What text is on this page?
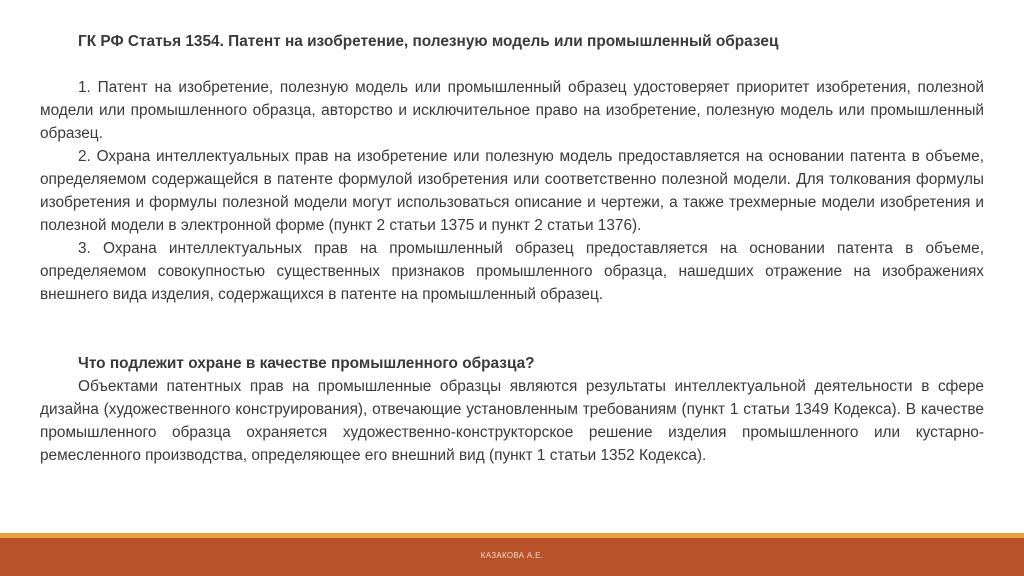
ГК РФ Статья 1354. Патент на изобретение, полезную модель или промышленный образец

1. Патент на изобретение, полезную модель или промышленный образец удостоверяет приоритет изобретения, полезной модели или промышленного образца, авторство и исключительное право на изобретение, полезную модель или промышленный образец.

2. Охрана интеллектуальных прав на изобретение или полезную модель предоставляется на основании патента в объеме, определяемом содержащейся в патенте формулой изобретения или соответственно полезной модели. Для толкования формулы изобретения и формулы полезной модели могут использоваться описание и чертежи, а также трехмерные модели изобретения и полезной модели в электронной форме (пункт 2 статьи 1375 и пункт 2 статьи 1376).

3. Охрана интеллектуальных прав на промышленный образец предоставляется на основании патента в объеме, определяемом совокупностью существенных признаков промышленного образца, нашедших отражение на изображениях внешнего вида изделия, содержащихся в патенте на промышленный образец.

Что подлежит охране в качестве промышленного образца?

Объектами патентных прав на промышленные образцы являются результаты интеллектуальной деятельности в сфере дизайна (художественного конструирования), отвечающие установленным требованиям (пункт 1 статьи 1349 Кодекса). В качестве промышленного образца охраняется художественно-конструкторское решение изделия промышленного или кустарно-ремесленного производства, определяющее его внешний вид (пункт 1 статьи 1352 Кодекса).

КАЗАКОВА А.Е.
